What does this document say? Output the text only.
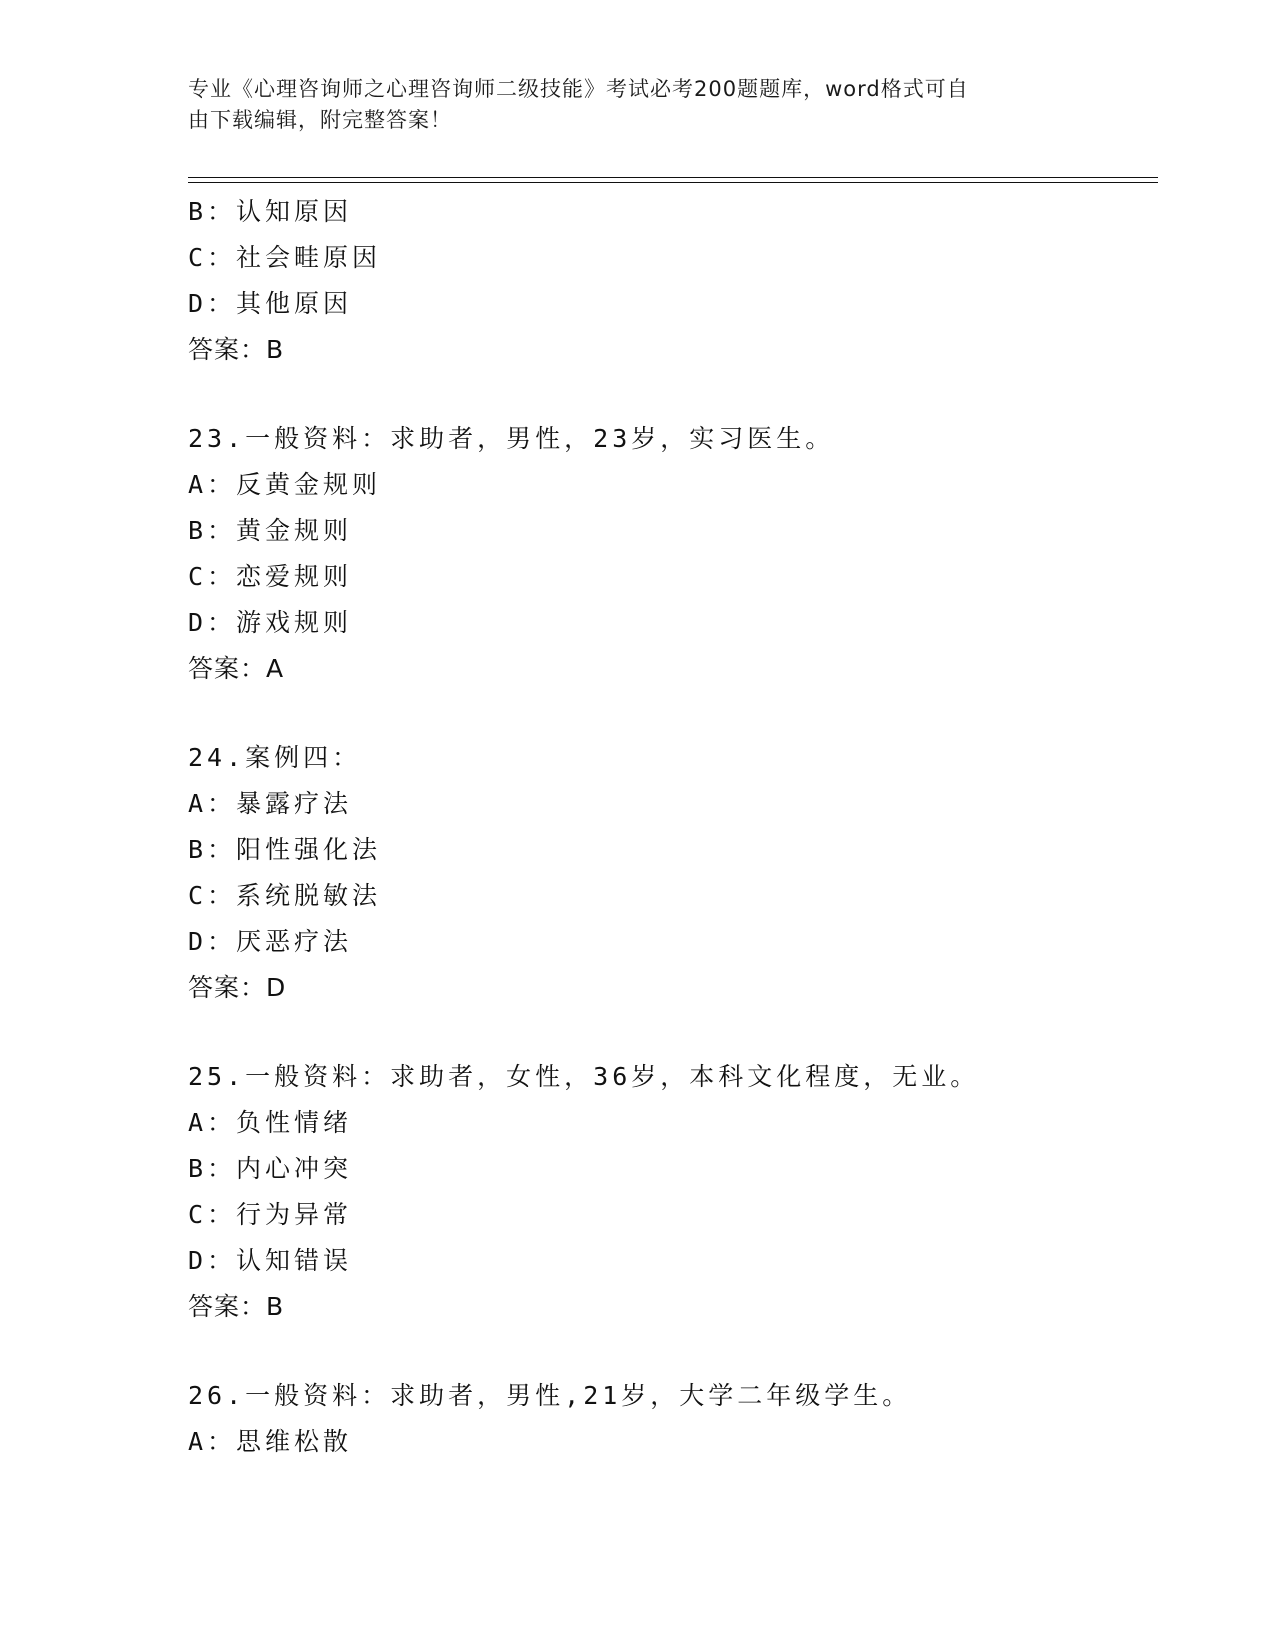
专业《心理咨询师之心理咨询师二级技能》考试必考200题题库，word格式可自
由下载编辑，附完整答案！
B：认知原因
C：社会畦原因
D：其他原因
答案：B
23.一般资料：求助者，男性，23岁，实习医生。
A：反黄金规则
B：黄金规则
C：恋爱规则
D：游戏规则
答案：A
24.案例四：
A：暴露疗法
B：阳性强化法
C：系统脱敏法
D：厌恶疗法
答案：D
25.一般资料：求助者，女性，36岁，本科文化程度，无业。
A：负性情绪
B：内心冲突
C：行为异常
D：认知错误
答案：B
26.一般资料：求助者，男性,21岁，大学二年级学生。
A：思维松散
